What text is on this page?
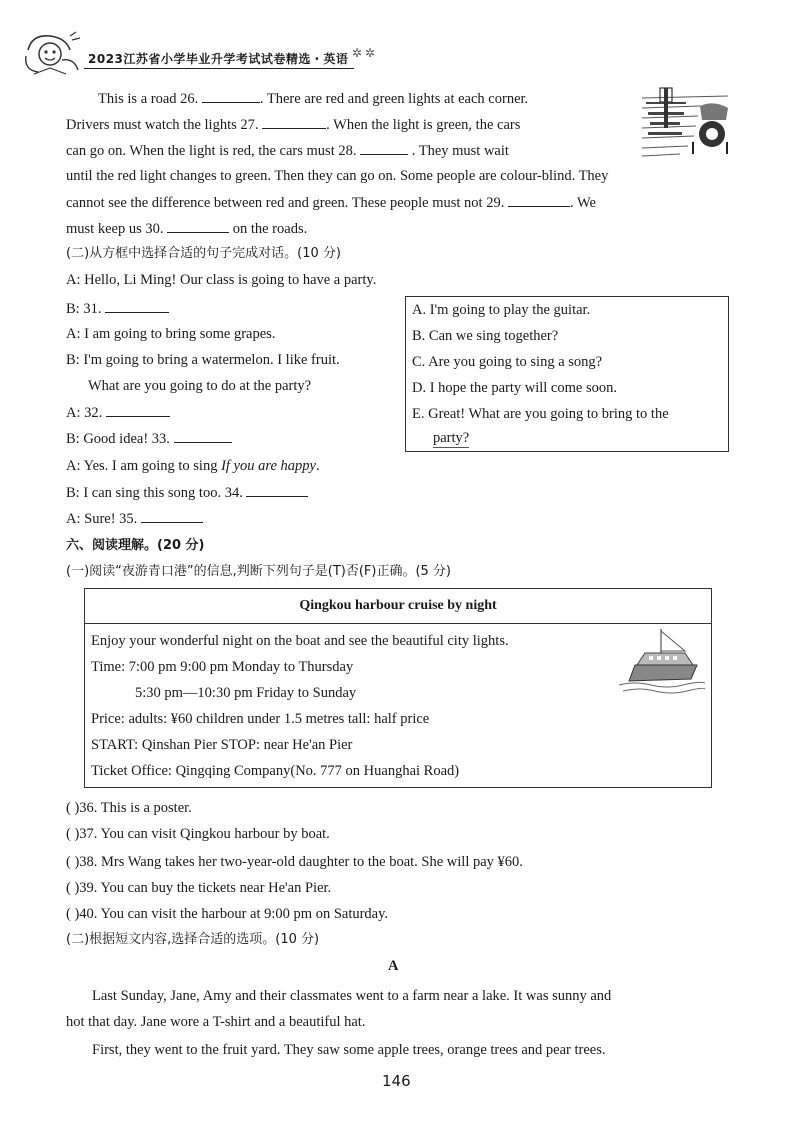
2023江苏省小学毕业升学考试试卷精选・英语 ✲ ✲
This is a road 26.	. There are red and green lights at each corner.
Drivers must watch the lights 27.	. When the light is green, the cars
can go on. When the light is red, the cars must 28.	. They must wait
until the red light changes to green. Then they can go on. Some people are colour-blind. They
cannot see the difference between red and green. These people must not 29.	. We
must keep us 30.	on the roads.
(二)从方框中选择合适的句子完成对话。(10 分)
A: Hello, Li Ming! Our class is going to have a party.
B: 31.
A: I am going to bring some grapes.
B: I'm going to bring a watermelon. I like fruit.
What are you going to do at the party?
A: 32.
B: Good idea! 33.
A: Yes. I am going to sing If you are happy.
B: I can sing this song too. 34.
A: Sure! 35.
A. I'm going to play the guitar.
B. Can we sing together?
C. Are you going to sing a song?
D. I hope the party will come soon.
E. Great! What are you going to bring to the
party?
六、阅读理解。(20 分)
(一)阅读“夜游青口港”的信息,判断下列句子是(T)否(F)正确。(5 分)
Qingkou harbour cruise by night
Enjoy your wonderful night on the boat and see the beautiful city lights.
Time: 7:00 pm 9:00 pm Monday to Thursday
5:30 pm—10:30 pm Friday to Sunday
Price: adults: ¥60 children under 1.5 metres tall: half price
START: Qinshan Pier STOP: near He'an Pier
Ticket Office: Qingqing Company(No. 777 on Huanghai Road)
( )36. This is a poster.
( )37. You can visit Qingkou harbour by boat.
( )38. Mrs Wang takes her two-year-old daughter to the boat. She will pay ¥60.
( )39. You can buy the tickets near He'an Pier.
( )40. You can visit the harbour at 9:00 pm on Saturday.
(二)根据短文内容,选择合适的选项。(10 分)
A
Last Sunday, Jane, Amy and their classmates went to a farm near a lake. It was sunny and
hot that day. Jane wore a T-shirt and a beautiful hat.
First, they went to the fruit yard. They saw some apple trees, orange trees and pear trees.
146
